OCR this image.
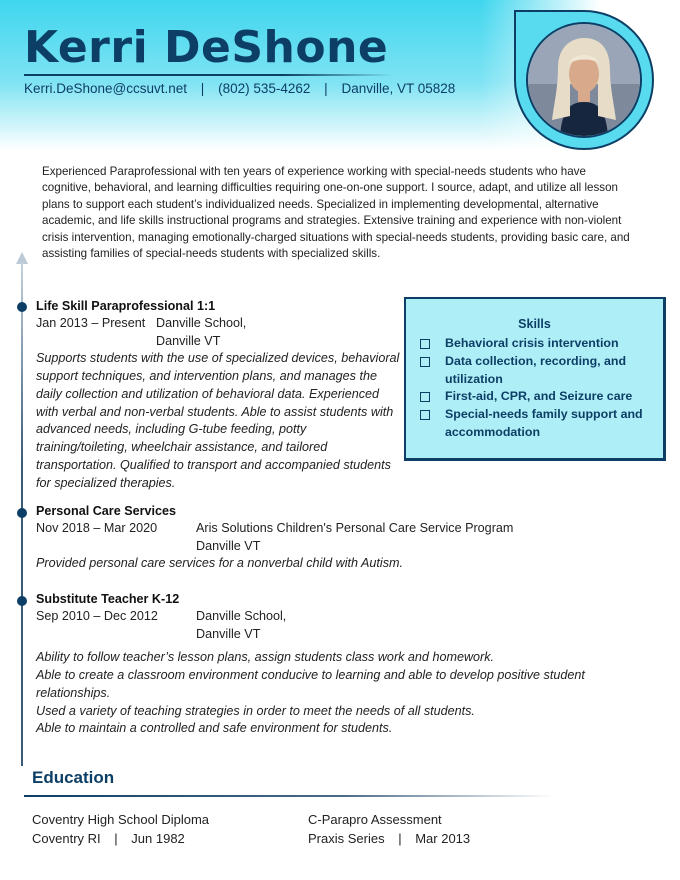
Kerri DeShone
Kerri.DeShone@ccsuvt.net | (802) 535-4262 | Danville, VT 05828
Experienced Paraprofessional with ten years of experience working with special-needs students who have cognitive, behavioral, and learning difficulties requiring one-on-one support. I source, adapt, and utilize all lesson plans to support each student’s individualized needs. Specialized in implementing developmental, alternative academic, and life skills instructional programs and strategies. Extensive training and experience with non-violent crisis intervention, managing emotionally-charged situations with special-needs students, providing basic care, and assisting families of special-needs students with specialized skills.
Life Skill Paraprofessional 1:1
Jan 2013 – Present Danville School,
Danville VT
Supports students with the use of specialized devices, behavioral support techniques, and intervention plans, and manages the daily collection and utilization of behavioral data. Experienced with verbal and non-verbal students. Able to assist students with advanced needs, including G-tube feeding, potty training/toileting, wheelchair assistance, and tailored transportation. Qualified to transport and accompanied students for specialized therapies.
Personal Care Services
Nov 2018 – Mar 2020	Aris Solutions Children's Personal Care Service Program
Danville VT
Provided personal care services for a nonverbal child with Autism.
Substitute Teacher K-12
Sep 2010 – Dec 2012	Danville School,
Danville VT
Ability to follow teacher’s lesson plans, assign students class work and homework.
Able to create a classroom environment conducive to learning and able to develop positive student relationships.
Used a variety of teaching strategies in order to meet the needs of all students.
Able to maintain a controlled and safe environment for students.
Skills
Behavioral crisis intervention
Data collection, recording, and utilization
First-aid, CPR, and Seizure care
Special-needs family support and accommodation
Education
Coventry High School Diploma
Coventry RI | Jun 1982
C-Parapro Assessment
Praxis Series | Mar 2013
